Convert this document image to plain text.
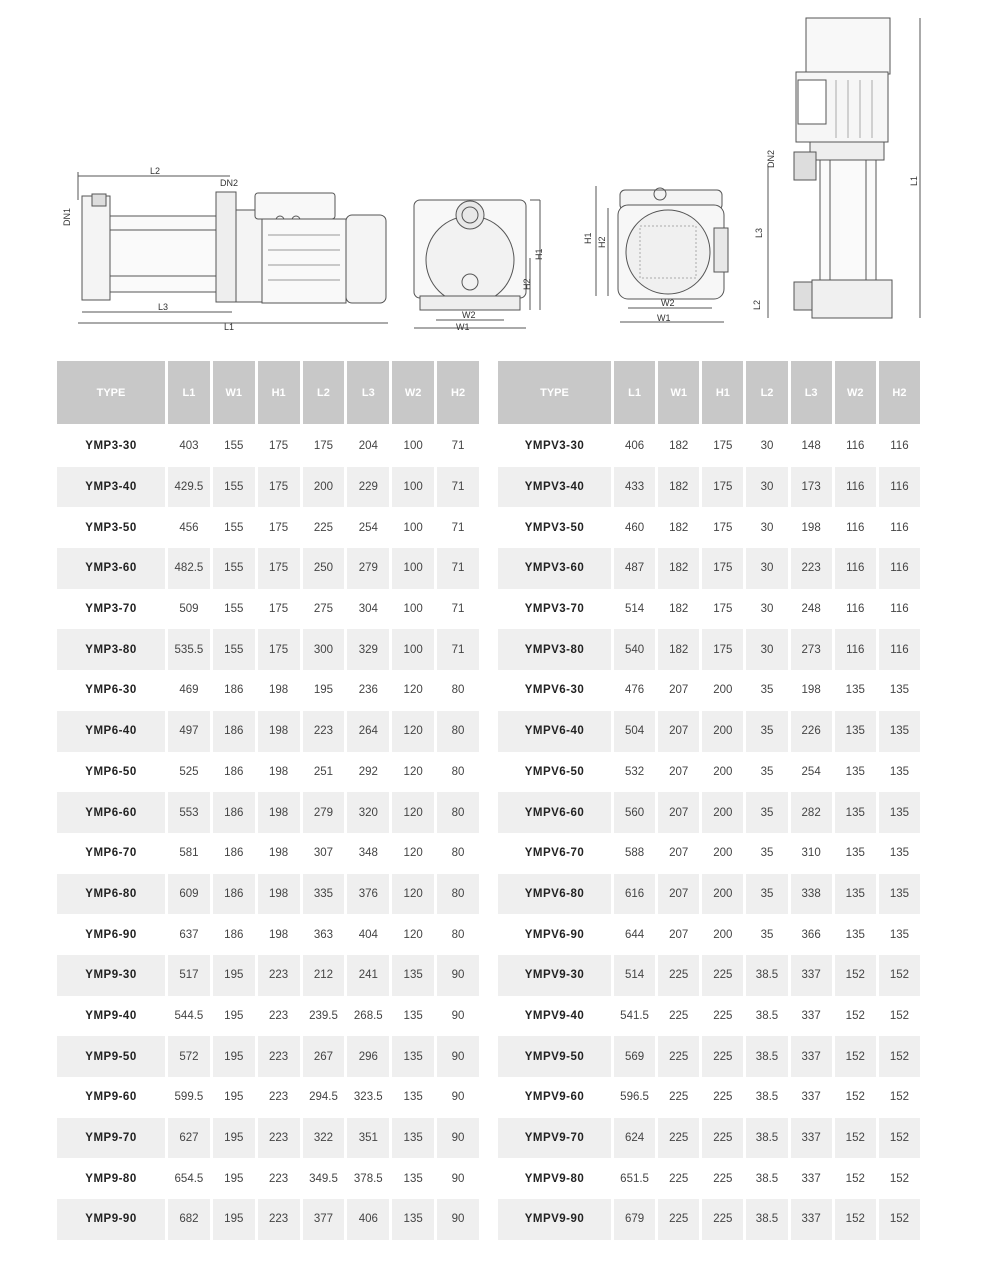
L2
DN2
DN1
L3
L1
H1
H2
W2
W1
H1 H2
W2
W1
L1
L3
DN2
L2
TYPE	L1	W1	H1	L2	L3	W2	H2
YMP3-30	403	155	175	175	204	100	71
YMP3-40	429.5	155	175	200	229	100	71
YMP3-50	456	155	175	225	254	100	71
YMP3-60	482.5	155	175	250	279	100	71
YMP3-70	509	155	175	275	304	100	71
YMP3-80	535.5	155	175	300	329	100	71
YMP6-30	469	186	198	195	236	120	80
YMP6-40	497	186	198	223	264	120	80
YMP6-50	525	186	198	251	292	120	80
YMP6-60	553	186	198	279	320	120	80
YMP6-70	581	186	198	307	348	120	80
YMP6-80	609	186	198	335	376	120	80
YMP6-90	637	186	198	363	404	120	80
YMP9-30	517	195	223	212	241	135	90
YMP9-40	544.5	195	223	239.5	268.5	135	90
YMP9-50	572	195	223	267	296	135	90
YMP9-60	599.5	195	223	294.5	323.5	135	90
YMP9-70	627	195	223	322	351	135	90
YMP9-80	654.5	195	223	349.5	378.5	135	90
YMP9-90	682	195	223	377	406	135	90
TYPE	L1	W1	H1	L2	L3	W2	H2
YMPV3-30	406	182	175	30	148	116	116
YMPV3-40	433	182	175	30	173	116	116
YMPV3-50	460	182	175	30	198	116	116
YMPV3-60	487	182	175	30	223	116	116
YMPV3-70	514	182	175	30	248	116	116
YMPV3-80	540	182	175	30	273	116	116
YMPV6-30	476	207	200	35	198	135	135
YMPV6-40	504	207	200	35	226	135	135
YMPV6-50	532	207	200	35	254	135	135
YMPV6-60	560	207	200	35	282	135	135
YMPV6-70	588	207	200	35	310	135	135
YMPV6-80	616	207	200	35	338	135	135
YMPV6-90	644	207	200	35	366	135	135
YMPV9-30	514	225	225	38.5	337	152	152
YMPV9-40	541.5	225	225	38.5	337	152	152
YMPV9-50	569	225	225	38.5	337	152	152
YMPV9-60	596.5	225	225	38.5	337	152	152
YMPV9-70	624	225	225	38.5	337	152	152
YMPV9-80	651.5	225	225	38.5	337	152	152
YMPV9-90	679	225	225	38.5	337	152	152
